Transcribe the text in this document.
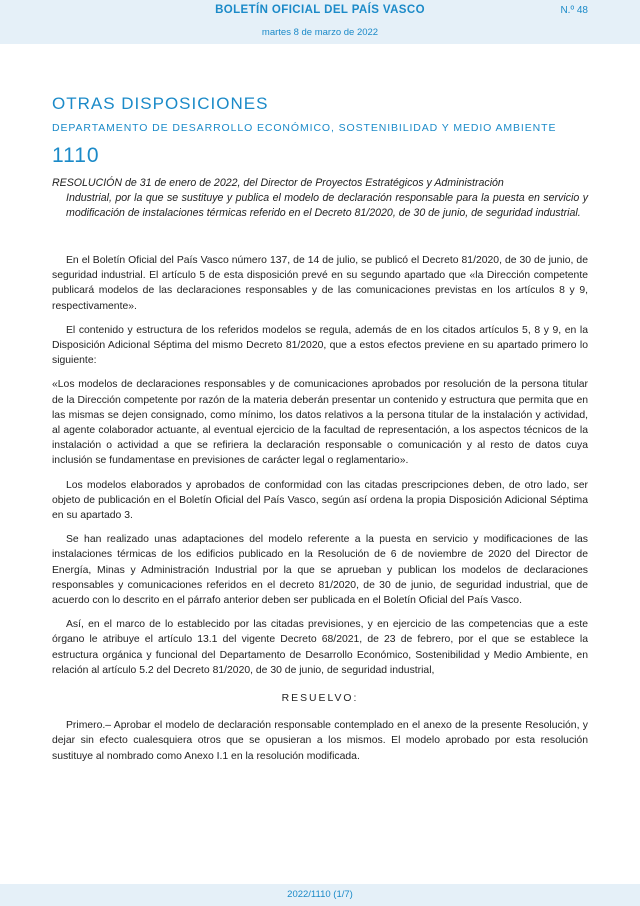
BOLETÍN OFICIAL DEL PAÍS VASCO	N.º 48
martes 8 de marzo de 2022
OTRAS DISPOSICIONES
DEPARTAMENTO DE DESARROLLO ECONÓMICO, SOSTENIBILIDAD Y MEDIO AMBIENTE
1110

RESOLUCIÓN de 31 de enero de 2022, del Director de Proyectos Estratégicos y Administración

Industrial, por la que se sustituye y publica el modelo de declaración responsable para la puesta en servicio y modificación de instalaciones térmicas referido en el Decreto 81/2020, de 30 de junio, de seguridad industrial.

En el Boletín Oficial del País Vasco número 137, de 14 de julio, se publicó el Decreto 81/2020, de 30 de junio, de seguridad industrial. El artículo 5 de esta disposición prevé en su segundo apartado que «la Dirección competente publicará modelos de las declaraciones responsables y de las comunicaciones previstas en los artículos 8 y 9, respectivamente».

El contenido y estructura de los referidos modelos se regula, además de en los citados artículos 5, 8 y 9, en la Disposición Adicional Séptima del mismo Decreto 81/2020, que a estos efectos previene en su apartado primero lo siguiente:

«Los modelos de declaraciones responsables y de comunicaciones aprobados por resolución de la persona titular de la Dirección competente por razón de la materia deberán presentar un contenido y estructura que permita que en las mismas se dejen consignado, como mínimo, los datos relativos a la persona titular de la instalación y actividad, al agente colaborador actuante, al eventual ejercicio de la facultad de representación, a los aspectos técnicos de la instalación o actividad a que se refiriera la declaración responsable o comunicación y al resto de datos cuya inclusión se fundamentase en previsiones de carácter legal o reglamentario».

Los modelos elaborados y aprobados de conformidad con las citadas prescripciones deben, de otro lado, ser objeto de publicación en el Boletín Oficial del País Vasco, según así ordena la propia Disposición Adicional Séptima en su apartado 3.

Se han realizado unas adaptaciones del modelo referente a la puesta en servicio y modificaciones de las instalaciones térmicas de los edificios publicado en la Resolución de 6 de noviembre de 2020 del Director de Energía, Minas y Administración Industrial por la que se aprueban y publican los modelos de declaraciones responsables y comunicaciones referidos en el decreto 81/2020, de 30 de junio, de seguridad industrial, que de acuerdo con lo descrito en el párrafo anterior deben ser publicada en el Boletín Oficial del País Vasco.

Así, en el marco de lo establecido por las citadas previsiones, y en ejercicio de las competencias que a este órgano le atribuye el artículo 13.1 del vigente Decreto 68/2021, de 23 de febrero, por el que se establece la estructura orgánica y funcional del Departamento de Desarrollo Económico, Sostenibilidad y Medio Ambiente, en relación al artículo 5.2 del Decreto 81/2020, de 30 de junio, de seguridad industrial,

RESUELVO:

Primero.– Aprobar el modelo de declaración responsable contemplado en el anexo de la presente Resolución, y dejar sin efecto cualesquiera otros que se opusieran a los mismos. El modelo aprobado por esta resolución sustituye al nombrado como Anexo I.1 en la resolución modificada.

2022/1110 (1/7)
